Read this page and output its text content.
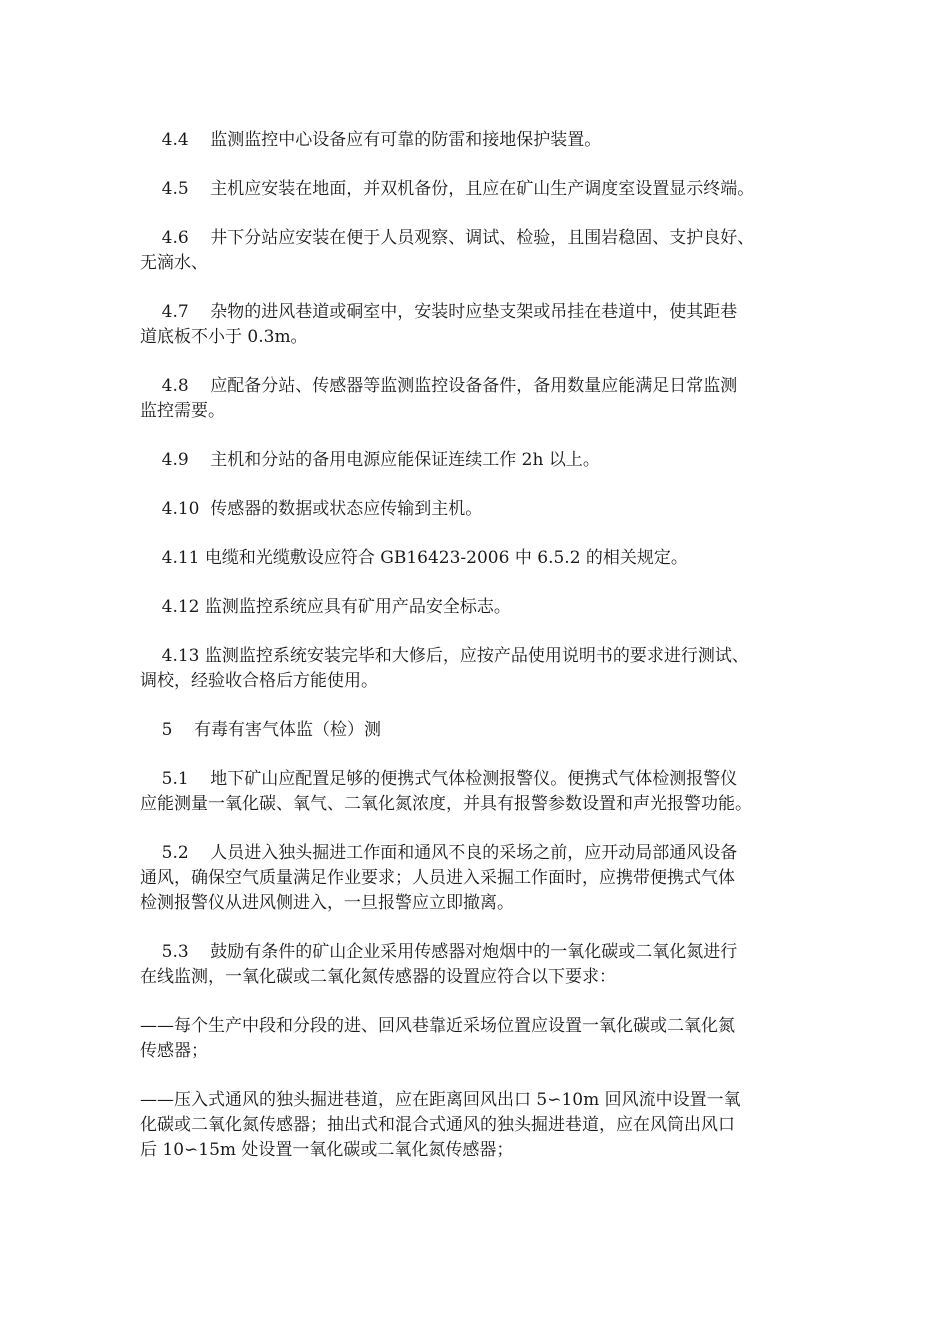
4.4    监测监控中心设备应有可靠的防雷和接地保护装置。
4.5    主机应安装在地面，并双机备份，且应在矿山生产调度室设置显示终端。
4.6    井下分站应安装在便于人员观察、调试、检验，且围岩稳固、支护良好、
无滴水、
4.7    杂物的进风巷道或硐室中，安装时应垫支架或吊挂在巷道中，使其距巷
道底板不小于 0.3m。
4.8    应配备分站、传感器等监测监控设备备件，备用数量应能满足日常监测
监控需要。
4.9    主机和分站的备用电源应能保证连续工作 2h 以上。
4.10  传感器的数据或状态应传输到主机。
4.11 电缆和光缆敷设应符合 GB16423-2006 中 6.5.2 的相关规定。
4.12 监测监控系统应具有矿用产品安全标志。
4.13 监测监控系统安装完毕和大修后，应按产品使用说明书的要求进行测试、
调校，经验收合格后方能使用。
5    有毒有害气体监（检）测
5.1    地下矿山应配置足够的便携式气体检测报警仪。便携式气体检测报警仪
应能测量一氧化碳、氧气、二氧化氮浓度，并具有报警参数设置和声光报警功能。
5.2    人员进入独头掘进工作面和通风不良的采场之前，应开动局部通风设备
通风，确保空气质量满足作业要求；人员进入采掘工作面时，应携带便携式气体
检测报警仪从进风侧进入，一旦报警应立即撤离。
5.3    鼓励有条件的矿山企业采用传感器对炮烟中的一氧化碳或二氧化氮进行
在线监测，一氧化碳或二氧化氮传感器的设置应符合以下要求：
——每个生产中段和分段的进、回风巷靠近采场位置应设置一氧化碳或二氧化氮
传感器；
——压入式通风的独头掘进巷道，应在距离回风出口 5∽10m 回风流中设置一氧
化碳或二氧化氮传感器；抽出式和混合式通风的独头掘进巷道，应在风筒出风口
后 10∽15m 处设置一氧化碳或二氧化氮传感器；
